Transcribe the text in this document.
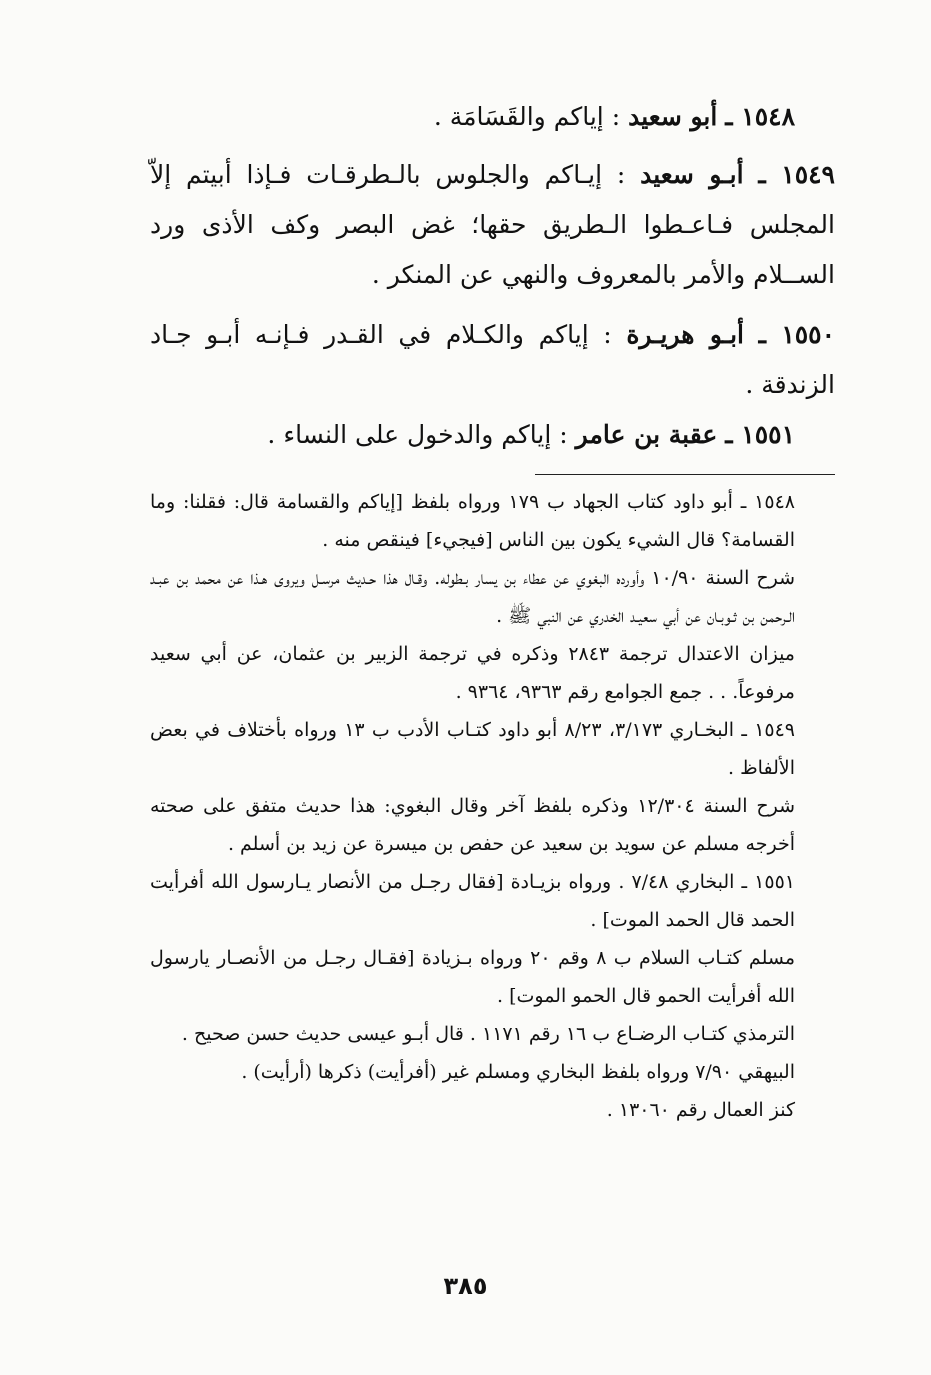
١٥٤٨ ـ أبو سعيد : إياكم والقَسَامَة .

١٥٤٩ ـ أبـو سعيد : إيـاكم والجلوس بالـطرقـات فـإذا أبيتم إلاّ المجلس فـاعـطوا الـطريق حقها؛ غض البصر وكف الأذى ورد الســلام والأمر بالمعروف والنهي عن المنكر .

١٥٥٠ ـ أبـو هريـرة : إياكم والكـلام في القـدر فـإنـه أبـو جـاد الزندقة .

١٥٥١ ـ عقبة بن عامر : إياكم والدخول على النساء .

١٥٤٨ ـ أبو داود كتاب الجهاد ب ١٧٩ ورواه بلفظ [إياكم والقسامة قال: فقلنا: وما القسامة؟ قال الشيء يكون بين الناس [فيجيء] فينقص منه .

شرح السنة ١٠/٩٠ وأورده البغوي عن عطاء بن يسار بـطوله. وقـال هذا حـديث مرسـل ويروى هـذا عن محمد بن عبـد الـرحمن بن ثـوبـان عن أبي سعيـد الخدري عن النبي ﷺ .

ميزان الاعتدال ترجمة ٢٨٤٣ وذكره في ترجمة الزبير بن عثمان، عن أبي سعيد مرفوعاً. . . جمع الجوامع رقم ٩٣٦٣، ٩٣٦٤ .

١٥٤٩ ـ البخـاري ٣/١٧٣، ٨/٢٣ أبو داود كتـاب الأدب ب ١٣ ورواه بأختلاف في بعض الألفاظ .

شرح السنة ١٢/٣٠٤ وذكره بلفظ آخر وقال البغوي: هذا حديث متفق على صحته أخرجه مسلم عن سويد بن سعيد عن حفص بن ميسرة عن زيد بن أسلم .

١٥٥١ ـ البخاري ٧/٤٨ . ورواه بزيـادة [فقال رجـل من الأنصار يـارسول الله أفرأيت الحمد قال الحمد الموت] .

مسلم كتـاب السلام ب ٨ وقم ٢٠ ورواه بـزيادة [فقـال رجـل من الأنصـار يارسول الله أفرأيت الحمو قال الحمو الموت] .

الترمذي كتـاب الرضـاع ب ١٦ رقم ١١٧١ . قال أبـو عيسى حديث حسن صحيح .

البيهقي ٧/٩٠ ورواه بلفظ البخاري ومسلم غير (أفرأيت) ذكرها (أرأيت) .

كنز العمال رقم ١٣٠٦٠ .

٣٨٥
